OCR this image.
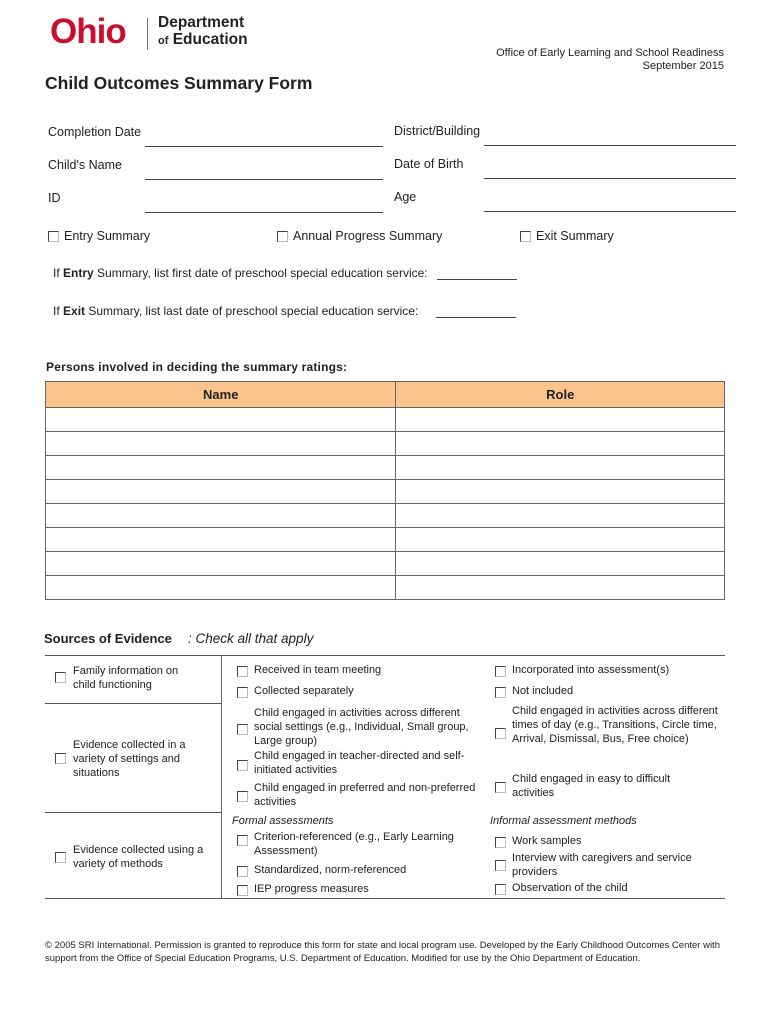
Ohio Department
of Education
Office of Early Learning and School Readiness
September 2015
Child Outcomes Summary Form
Completion Date	District/Building
Child's Name	Date of Birth
ID	Age
Entry Summary	Annual Progress Summary	Exit Summary
If Entry Summary, list first date of preschool special education service:
If Exit Summary, list last date of preschool special education service:
Persons involved in deciding the summary ratings:
Name	Role

Sources of Evidence : Check all that apply
Family information on child functioning
Evidence collected in a variety of settings and situations
Evidence collected using a variety of methods
Received in team meeting
Collected separately
Child engaged in activities across different social settings (e.g., Individual, Small group, Large group)
Child engaged in teacher-directed and self-initiated activities
Child engaged in preferred and non-preferred activities
Formal assessments
Criterion-referenced (e.g., Early Learning Assessment)
Standardized, norm-referenced
IEP progress measures
Incorporated into assessment(s)
Not included
Child engaged in activities across different times of day (e.g., Transitions, Circle time, Arrival, Dismissal, Bus, Free choice)
Child engaged in easy to difficult activities
Informal assessment methods
Work samples
Interview with caregivers and service providers
Observation of the child
© 2005 SRI International. Permission is granted to reproduce this form for state and local program use. Developed by the Early Childhood Outcomes Center with support from the Office of Special Education Programs, U.S. Department of Education. Modified for use by the Ohio Department of Education.
